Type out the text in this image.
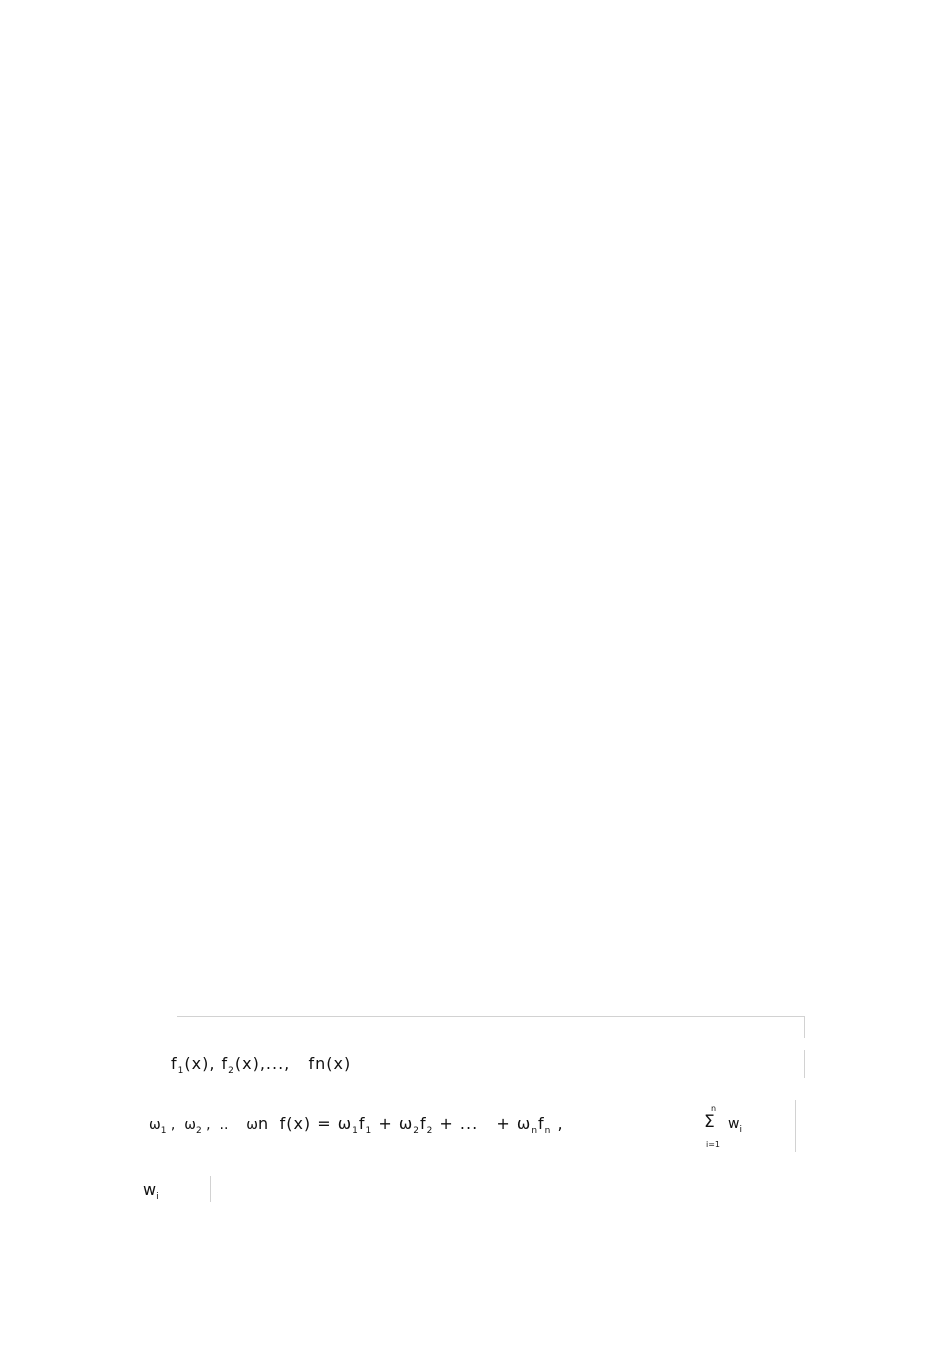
$f_1(x)$, $f_2(x)$,...,   fn(x)
$\omega_1$ ,  $\omega_2$ ,  ..    ωn $f(x) = \omega_1f_1 + \omega_2f_2$ + ...   + $\omega_nf_n$ ,	Σ
n
i=1
$w_i$
$w_i$
